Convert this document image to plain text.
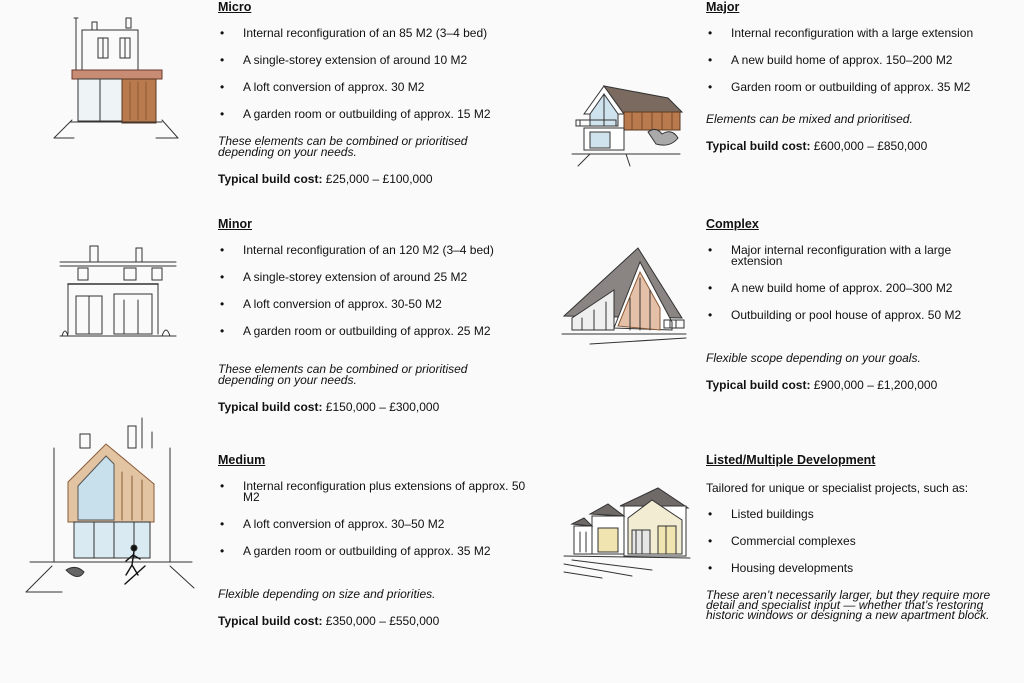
Micro
• Internal reconfiguration of an 85 M2 (3–4 bed)
• A single-storey extension of around 10 M2
• A loft conversion of approx. 30 M2
• A garden room or outbuilding of approx. 15 M2
These elements can be combined or prioritised depending on your needs.
Typical build cost: £25,000 – £100,000
Minor
• Internal reconfiguration of an 120 M2 (3–4 bed)
• A single-storey extension of around 25 M2
• A loft conversion of approx. 30-50 M2
• A garden room or outbuilding of approx. 25 M2
These elements can be combined or prioritised depending on your needs.
Typical build cost: £150,000 – £300,000
Medium
• Internal reconfiguration plus extensions of approx. 50 M2
• A loft conversion of approx. 30–50 M2
• A garden room or outbuilding of approx. 35 M2
Flexible depending on size and priorities.
Typical build cost: £350,000 – £550,000
Major
• Internal reconfiguration with a large extension
• A new build home of approx. 150–200 M2
• Garden room or outbuilding of approx. 35 M2
Elements can be mixed and prioritised.
Typical build cost: £600,000 – £850,000
Complex
• Major internal reconfiguration with a large extension
• A new build home of approx. 200–300 M2
• Outbuilding or pool house of approx. 50 M2
Flexible scope depending on your goals.
Typical build cost: £900,000 – £1,200,000
Listed/Multiple Development
Tailored for unique or specialist projects, such as:
• Listed buildings
• Commercial complexes
• Housing developments
These aren’t necessarily larger, but they require more detail and specialist input — whether that’s restoring historic windows or designing a new apartment block.
